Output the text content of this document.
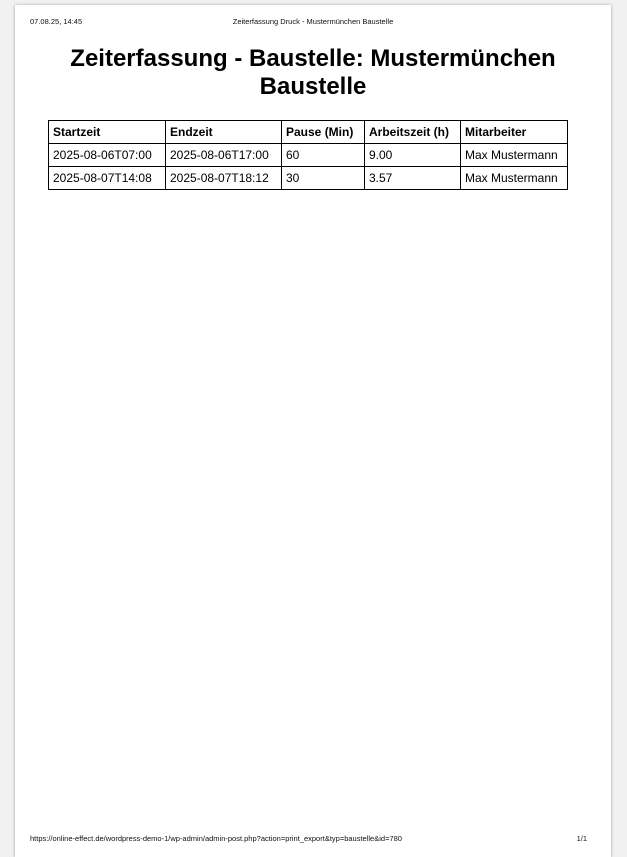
07.08.25, 14:45	Zeiterfassung Druck - Mustermünchen Baustelle
Zeiterfassung - Baustelle: Mustermünchen Baustelle
Startzeit	Endzeit	Pause (Min)	Arbeitszeit (h)	Mitarbeiter
2025-08-06T07:00	2025-08-06T17:00	60	9.00	Max Mustermann
2025-08-07T14:08	2025-08-07T18:12	30	3.57	Max Mustermann
https://online-effect.de/wordpress-demo-1/wp-admin/admin-post.php?action=print_export&typ=baustelle&id=780	1/1
